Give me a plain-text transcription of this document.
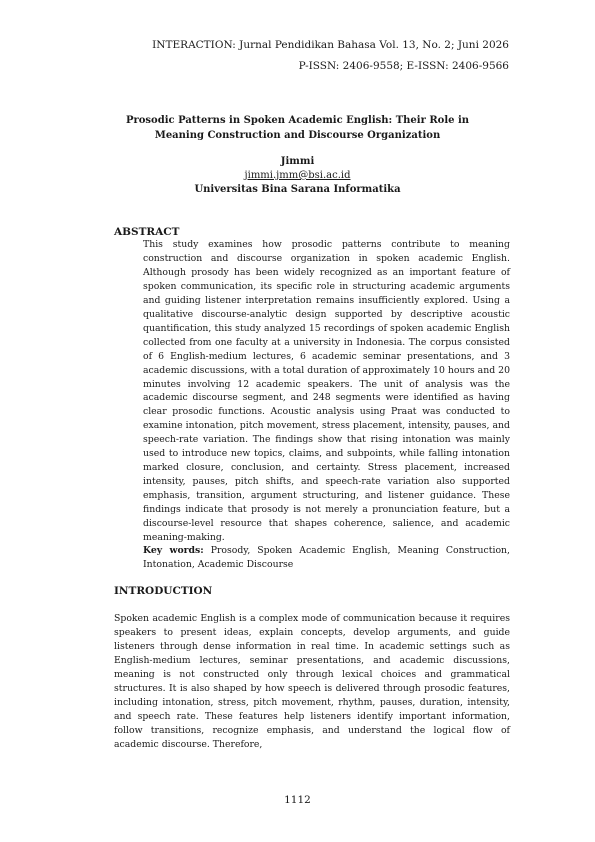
INTERACTION: Jurnal Pendidikan Bahasa Vol. 13, No. 2; Juni 2026
P-ISSN: 2406-9558; E-ISSN: 2406-9566
Prosodic Patterns in Spoken Academic English: Their Role in Meaning Construction and Discourse Organization
Jimmi
jimmi.jmm@bsi.ac.id
Universitas Bina Sarana Informatika
ABSTRACT
This study examines how prosodic patterns contribute to meaning construction and discourse organization in spoken academic English. Although prosody has been widely recognized as an important feature of spoken communication, its specific role in structuring academic arguments and guiding listener interpretation remains insufficiently explored. Using a qualitative discourse-analytic design supported by descriptive acoustic quantification, this study analyzed 15 recordings of spoken academic English collected from one faculty at a university in Indonesia. The corpus consisted of 6 English-medium lectures, 6 academic seminar presentations, and 3 academic discussions, with a total duration of approximately 10 hours and 20 minutes involving 12 academic speakers. The unit of analysis was the academic discourse segment, and 248 segments were identified as having clear prosodic functions. Acoustic analysis using Praat was conducted to examine intonation, pitch movement, stress placement, intensity, pauses, and speech-rate variation. The findings show that rising intonation was mainly used to introduce new topics, claims, and subpoints, while falling intonation marked closure, conclusion, and certainty. Stress placement, increased intensity, pauses, pitch shifts, and speech-rate variation also supported emphasis, transition, argument structuring, and listener guidance. These findings indicate that prosody is not merely a pronunciation feature, but a discourse-level resource that shapes coherence, salience, and academic meaning-making.
Key words: Prosody, Spoken Academic English, Meaning Construction, Intonation, Academic Discourse
INTRODUCTION
Spoken academic English is a complex mode of communication because it requires speakers to present ideas, explain concepts, develop arguments, and guide listeners through dense information in real time. In academic settings such as English-medium lectures, seminar presentations, and academic discussions, meaning is not constructed only through lexical choices and grammatical structures. It is also shaped by how speech is delivered through prosodic features, including intonation, stress, pitch movement, rhythm, pauses, duration, intensity, and speech rate. These features help listeners identify important information, follow transitions, recognize emphasis, and understand the logical flow of academic discourse. Therefore,
1112
